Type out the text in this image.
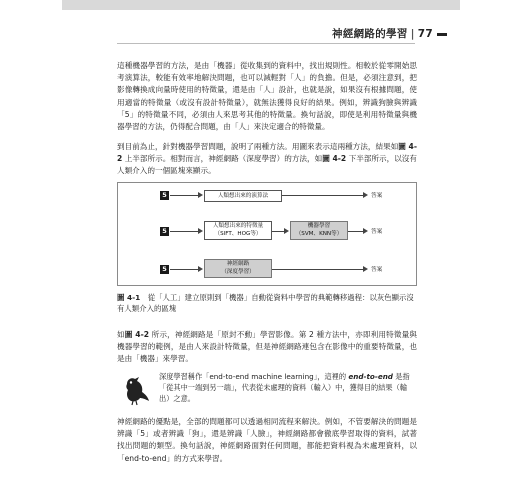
神經網路的學習 | 77

這種機器學習的方法，是由「機器」從收集到的資料中，找出規則性。相較於從零開始思考演算法，較能有效率地解決問題，也可以減輕對「人」的負擔。但是，必須注意到，把影像轉換成向量時使用的特徵量，還是由「人」設計，也就是說，如果沒有根據問題，使用適當的特徵量（或沒有設計特徵量），就無法獲得良好的結果。例如，辨識狗臉與辨識「5」的特徵量不同，必須由人來思考其他的特徵量。換句話說，即使是利用特徵量與機器學習的方法，仍得配合問題，由「人」來決定適合的特徵量。

到目前為止，針對機器學習問題，說明了兩種方法。用圖來表示這兩種方法，結果如圖 4-2 上半部所示。相對而言，神經網路（深度學習）的方法，如圖 4-2 下半部所示，以沒有人類介入的一個區塊來顯示。

5	人類想出來的演算法	答案
5
人類想出來的特徵量
（SIFT、HOG等）
機器學習
（SVM、KNN等）	答案
5
神經網路
（深度學習）	答案

圖 4-1　從「人工」建立原則到「機器」自動從資料中學習的典範轉移過程：以灰色顯示沒有人類介入的區塊

如圖 4-2 所示，神經網路是「原封不動」學習影像。第 2 種方法中，亦即利用特徵量與機器學習的範例，是由人來設計特徵量，但是神經網路連包含在影像中的重要特徵量，也是由「機器」來學習。

深度學習稱作「end-to-end machine learning」，這裡的 end-to-end 是指「從其中一端到另一端」，代表從未處理的資料（輸入）中，獲得目的結果（輸出）之意。

神經網路的優點是，全部的問題都可以透過相同流程來解決。例如，不管要解決的問題是辨識「5」或者辨識「狗」，還是辨識「人臉」，神經網路都會徹底學習取得的資料，試著找出問題的類型。換句話說，神經網路面對任何問題，都能把資料視為未處理資料，以「end-to-end」的方式來學習。
